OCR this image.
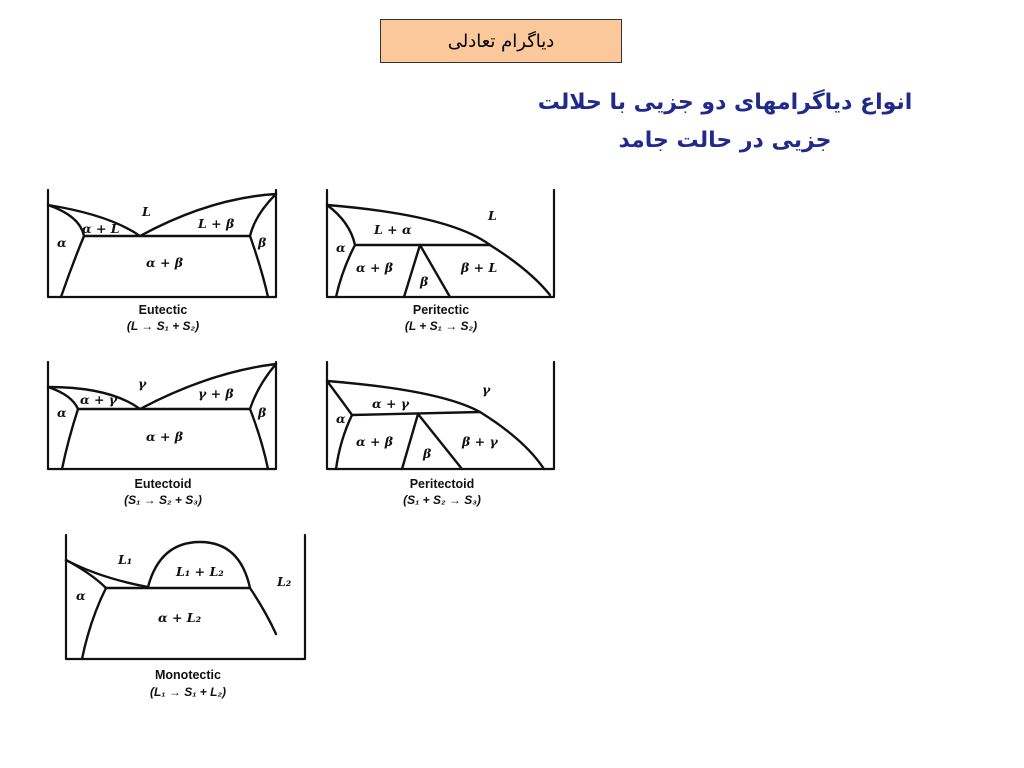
دیاگرام تعادلی
انواع دیاگرامهای دو جزیی با حلالت
جزیی در حالت جامد
L
α + L	L + β
α	β
α + β
Eutectic
(L → S₁ + S₂)
L
L + α
α
α + β
β
β + L
Peritectic
(L + S₁ → S₂)
γ
α + γ	γ + β
α	β
α + β
Eutectoid
(S₁ → S₂ + S₃)
γ
α + γ
α
α + β
β
β + γ
Peritectoid
(S₁ + S₂ → S₃)
L₁
L₁ + L₂
L₂
α
α + L₂
Monotectic
(L₁ → S₁ + L₂)
